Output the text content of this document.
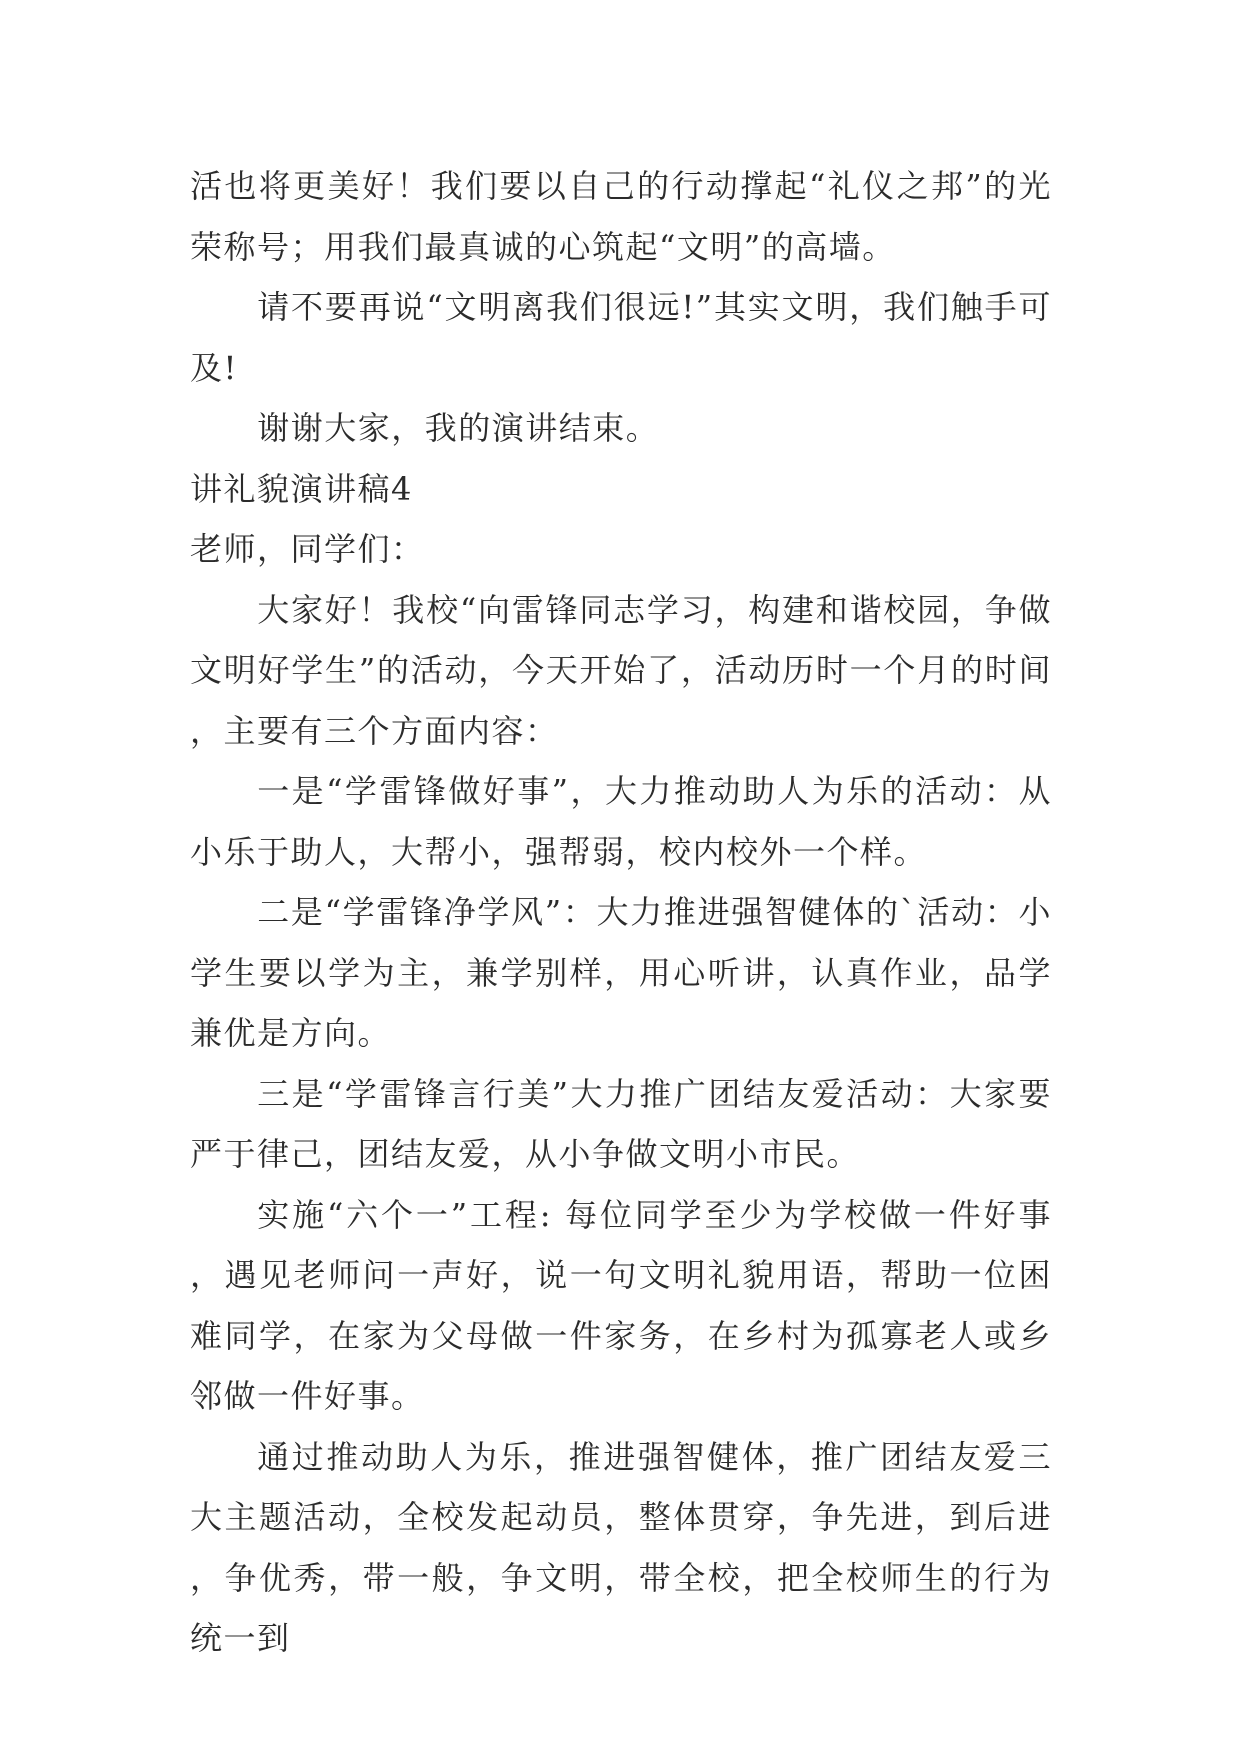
活也将更美好！我们要以自己的行动撑起“礼仪之邦”的光荣称号；用我们最真诚的心筑起“文明”的高墙。

请不要再说“文明离我们很远!”其实文明，我们触手可及!

谢谢大家，我的演讲结束。

讲礼貌演讲稿4

老师，同学们：

大家好！我校“向雷锋同志学习，构建和谐校园，争做文明好学生”的活动，今天开始了，活动历时一个月的时间，主要有三个方面内容：

一是“学雷锋做好事”，大力推动助人为乐的活动：从小乐于助人，大帮小，强帮弱，校内校外一个样。

二是“学雷锋净学风”：大力推进强智健体的`活动：小学生要以学为主，兼学别样，用心听讲，认真作业，品学兼优是方向。

三是“学雷锋言行美”大力推广团结友爱活动：大家要严于律己，团结友爱，从小争做文明小市民。

实施“六个一”工程: 每位同学至少为学校做一件好事，遇见老师问一声好，说一句文明礼貌用语，帮助一位困难同学，在家为父母做一件家务，在乡村为孤寡老人或乡邻做一件好事。

通过推动助人为乐，推进强智健体，推广团结友爱三大主题活动，全校发起动员，整体贯穿，争先进，到后进，争优秀，带一般，争文明，带全校，把全校师生的行为统一到
